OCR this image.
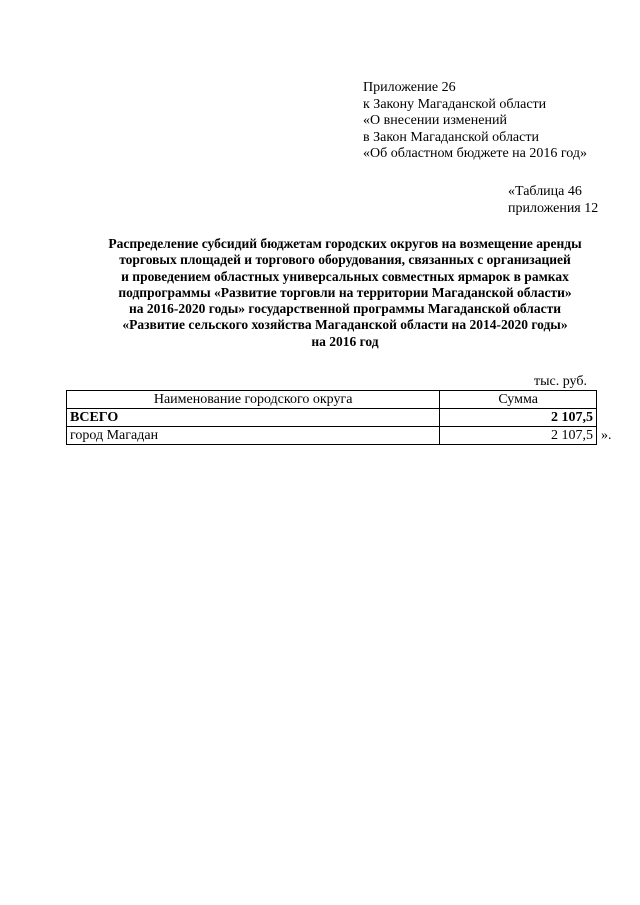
Приложение 26
к Закону Магаданской области
«О внесении изменений
в Закон Магаданской области
«Об областном бюджете на 2016 год»
«Таблица 46
приложения 12
Распределение субсидий бюджетам городских округов на возмещение аренды
торговых площадей и торгового оборудования, связанных с организацией
и проведением областных универсальных совместных ярмарок в рамках
подпрограммы «Развитие торговли на территории Магаданской области»
на 2016-2020 годы» государственной программы Магаданской области
«Развитие сельского хозяйства Магаданской области на 2014-2020 годы»
на 2016 год
тыс. руб.
Наименование городского округа	Сумма
ВСЕГО	2 107,5
город Магадан	2 107,5 ».
